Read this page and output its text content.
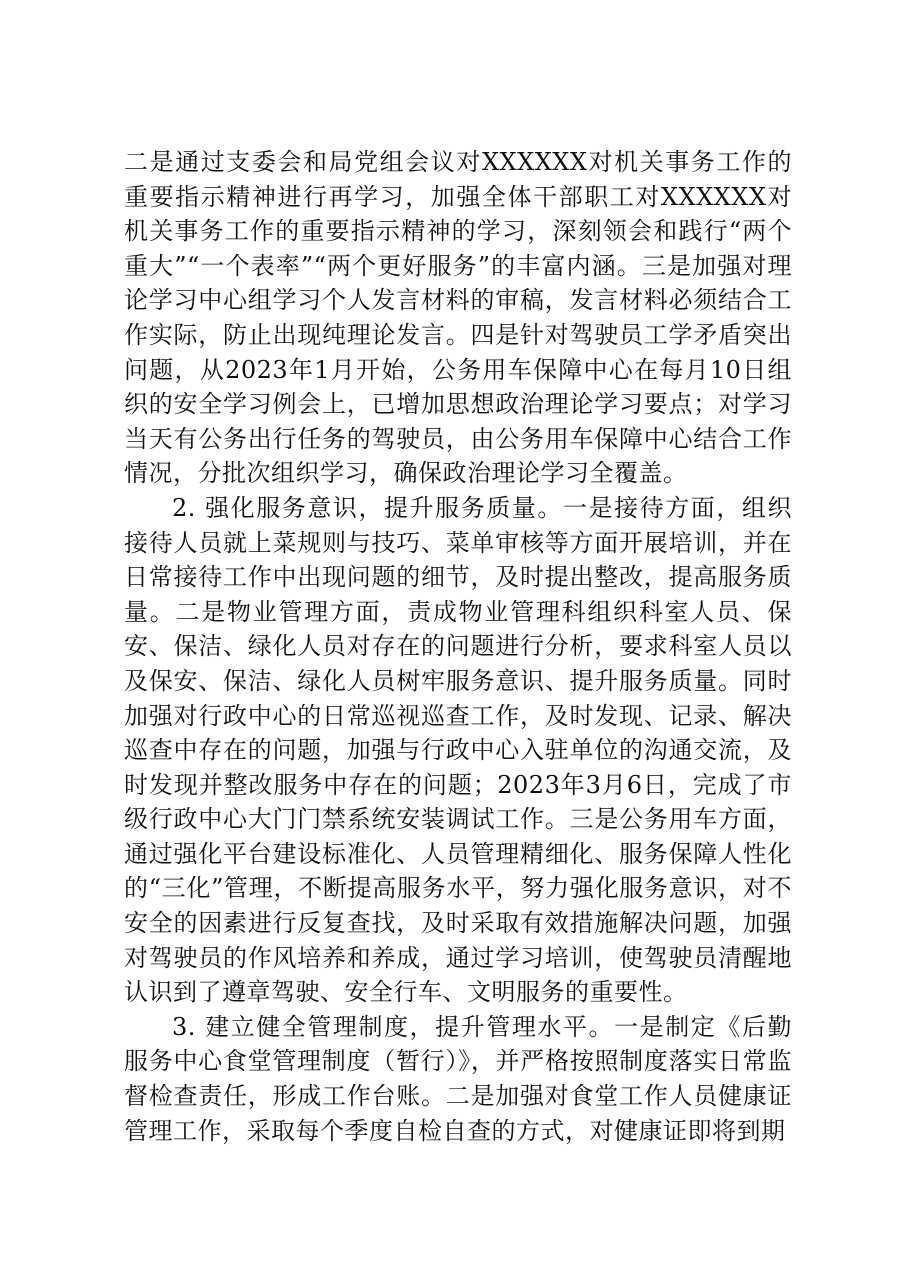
二是通过支委会和局党组会议对XXXXXX对机关事务工作的重要指示精神进行再学习，加强全体干部职工对XXXXXX对机关事务工作的重要指示精神的学习，深刻领会和践行“两个重大”“一个表率”“两个更好服务”的丰富内涵。三是加强对理论学习中心组学习个人发言材料的审稿，发言材料必须结合工作实际，防止出现纯理论发言。四是针对驾驶员工学矛盾突出问题，从2023年1月开始，公务用车保障中心在每月10日组织的安全学习例会上，已增加思想政治理论学习要点；对学习当天有公务出行任务的驾驶员，由公务用车保障中心结合工作情况，分批次组织学习，确保政治理论学习全覆盖。

2. 强化服务意识，提升服务质量。一是接待方面，组织接待人员就上菜规则与技巧、菜单审核等方面开展培训，并在日常接待工作中出现问题的细节，及时提出整改，提高服务质量。二是物业管理方面，责成物业管理科组织科室人员、保安、保洁、绿化人员对存在的问题进行分析，要求科室人员以及保安、保洁、绿化人员树牢服务意识、提升服务质量。同时加强对行政中心的日常巡视巡查工作，及时发现、记录、解决巡查中存在的问题，加强与行政中心入驻单位的沟通交流，及时发现并整改服务中存在的问题；2023年3月6日，完成了市级行政中心大门门禁系统安装调试工作。三是公务用车方面，通过强化平台建设标准化、人员管理精细化、服务保障人性化的“三化”管理，不断提高服务水平，努力强化服务意识，对不安全的因素进行反复查找，及时采取有效措施解决问题，加强对驾驶员的作风培养和养成，通过学习培训，使驾驶员清醒地认识到了遵章驾驶、安全行车、文明服务的重要性。

3. 建立健全管理制度，提升管理水平。一是制定《后勤服务中心食堂管理制度（暂行）》，并严格按照制度落实日常监督检查责任，形成工作台账。二是加强对食堂工作人员健康证管理工作，采取每个季度自检自查的方式，对健康证即将到期
